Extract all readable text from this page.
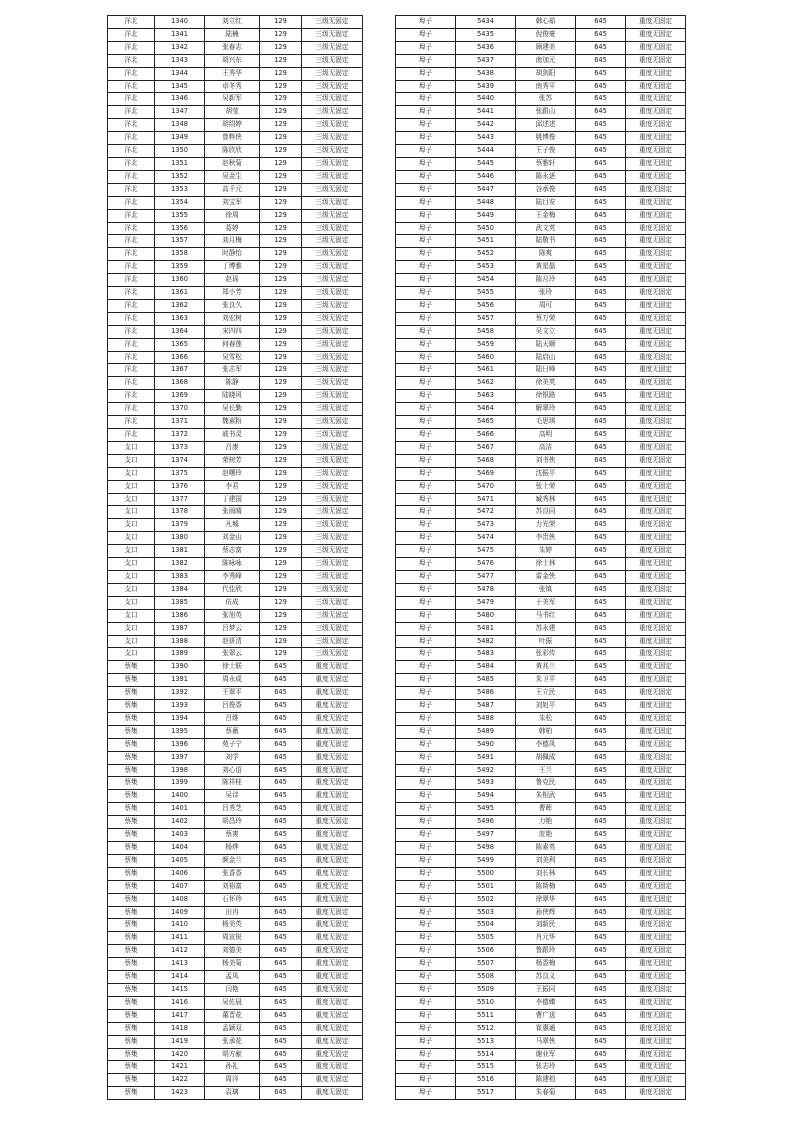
洋北	1340	刘立红	129	三级无固定
洋北	1341	陆楠	129	三级无固定
洋北	1342	张春志	129	三级无固定
洋北	1343	胡兴东	129	三级无固定
洋北	1344	王秀华	129	三级无固定
洋北	1345	卓冬秀	129	三级无固定
洋北	1346	吴新军	129	三级无固定
洋北	1347	胡莹	129	三级无固定
洋北	1348	胡绍婷	129	三级无固定
洋北	1349	曾粹侠	129	三级无固定
洋北	1350	陈欣欣	129	三级无固定
洋北	1351	赵秋菊	129	三级无固定
洋北	1352	吴金生	129	三级无固定
洋北	1353	高千元	129	三级无固定
洋北	1354	刘宝军	129	三级无固定
洋北	1355	徐周	129	三级无固定
洋北	1356	葛婷	129	三级无固定
洋北	1357	刘月梅	129	三级无固定
洋北	1358	时静怡	129	三级无固定
洋北	1359	丁博雅	129	三级无固定
洋北	1360	赵瑶	129	三级无固定
洋北	1361	郑小芳	129	三级无固定
洋北	1362	张良久	129	三级无固定
洋北	1363	刘宏树	129	三级无固定
洋北	1364	宋四四	129	三级无固定
洋北	1365	何春莲	129	三级无固定
洋北	1366	吴雪松	129	三级无固定
洋北	1367	张志军	129	三级无固定
洋北	1368	陈静	129	三级无固定
洋北	1369	陆晓风	129	三级无固定
洋北	1370	吴长勤	129	三级无固定
洋北	1371	魏素粉	129	三级无固定
洋北	1372	戚书灵	129	三级无固定
支口	1373	吕康	129	三级无固定
支口	1374	荣树芳	129	三级无固定
支口	1375	赵曙玲	129	三级无固定
支口	1376	李君	129	三级无固定
支口	1377	丁建国	129	三级无固定
支口	1378	张雨晴	129	三级无固定
支口	1379	凡城	129	三级无固定
支口	1380	刘金山	129	三级无固定
支口	1381	蔡志富	129	三级无固定
支口	1382	陈咏咏	129	三级无固定
支口	1383	李秀峰	129	三级无固定
支口	1384	代佳欣	129	三级无固定
支口	1385	伍成	129	三级无固定
支口	1386	张旭英	129	三级无固定
支口	1387	吕梦云	129	三级无固定
支口	1388	赵妍清	129	三级无固定
支口	1389	张翠云	129	三级无固定
蔡集	1390	徐士联	645	重度无固定
蔡集	1391	周永成	645	重度无固定
蔡集	1392	王翠平	645	重度无固定
蔡集	1393	吕俊香	645	重度无固定
蔡集	1394	吕维	645	重度无固定
蔡集	1395	蔡薇	645	重度无固定
蔡集	1396	苑子宁	645	重度无固定
蔡集	1397	刘学	645	重度无固定
蔡集	1398	刘心语	645	重度无固定
蔡集	1399	陈祥桂	645	重度无固定
蔡集	1400	吴诗	645	重度无固定
蔡集	1401	吕秀芝	645	重度无固定
蔡集	1402	胡昌玲	645	重度无固定
蔡集	1403	蔡爽	645	重度无固定
蔡集	1404	杨烨	645	重度无固定
蔡集	1405	颜金兰	645	重度无固定
蔡集	1406	张香香	645	重度无固定
蔡集	1407	刘裕富	645	重度无固定
蔡集	1408	石怀珍	645	重度无固定
蔡集	1409	田冉	645	重度无固定
蔡集	1410	杨美英	645	重度无固定
蔡集	1411	周宣锐	645	重度无固定
蔡集	1412	刘德美	645	重度无固定
蔡集	1413	杨美菊	645	重度无固定
蔡集	1414	孟凤	645	重度无固定
蔡集	1415	闫艳	645	重度无固定
蔡集	1416	吴佐晨	645	重度无固定
蔡集	1417	董晋花	645	重度无固定
蔡集	1418	孟颖双	645	重度无固定
蔡集	1419	张承花	645	重度无固定
蔡集	1420	胡方献	645	重度无固定
蔡集	1421	孙礼	645	重度无固定
蔡集	1422	周洋	645	重度无固定
蔡集	1423	袁璃	645	重度无固定
埠子	5434	韩心茹	645	重度无固定
埠子	5435	倪俊豪	645	重度无固定
埠子	5436	顾建美	645	重度无固定
埠子	5437	南加元	645	重度无固定
埠子	5438	胡剑阳	645	重度无固定
埠子	5439	南秀平	645	重度无固定
埠子	5440	张苏	645	重度无固定
埠子	5441	张跟山	645	重度无固定
埠子	5442	邱述述	645	重度无固定
埠子	5443	姚博俊	645	重度无固定
埠子	5444	王子俊	645	重度无固定
埠子	5445	蔡雅轩	645	重度无固定
埠子	5446	陈永逐	645	重度无固定
埠子	5447	谷承俊	645	重度无固定
埠子	5448	陆目安	645	重度无固定
埠子	5449	王金梅	645	重度无固定
埠子	5450	武文英	645	重度无固定
埠子	5451	陆敬书	645	重度无固定
埠子	5452	陈爽	645	重度无固定
埠子	5453	黄星磊	645	重度无固定
埠子	5454	陈月玲	645	重度无固定
埠子	5455	张玲	645	重度无固定
埠子	5456	周可	645	重度无固定
埠子	5457	蔡万荣	645	重度无固定
埠子	5458	吴文立	645	重度无固定
埠子	5459	陆天顺	645	重度无固定
埠子	5460	陆启山	645	重度无固定
埠子	5461	陆日峰	645	重度无固定
埠子	5462	徐美英	645	重度无固定
埠子	5463	徐银路	645	重度无固定
埠子	5464	解翠玲	645	重度无固定
埠子	5465	毛思琪	645	重度无固定
埠子	5466	高明	645	重度无固定
埠子	5467	高洁	645	重度无固定
埠子	5468	刘书侠	645	重度无固定
埠子	5469	沈振平	645	重度无固定
埠子	5470	张士荣	645	重度无固定
埠子	5471	臧秀林	645	重度无固定
埠子	5472	苏良同	645	重度无固定
埠子	5473	力光荣	645	重度无固定
埠子	5474	李贵侠	645	重度无固定
埠子	5475	朱婷	645	重度无固定
埠子	5476	徐士林	645	重度无固定
埠子	5477	雷金侠	645	重度无固定
埠子	5478	张镇	645	重度无固定
埠子	5479	于美军	645	重度无固定
埠子	5480	马书红	645	重度无固定
埠子	5481	苏永建	645	重度无固定
埠子	5482	叶振	645	重度无固定
埠子	5483	张彩传	645	重度无固定
埠子	5484	黄兆兰	645	重度无固定
埠子	5485	朱卫平	645	重度无固定
埠子	5486	王立民	645	重度无固定
埠子	5487	刘旭平	645	重度无固定
埠子	5488	朱松	645	重度无固定
埠子	5489	韩柏	645	重度无固定
埠子	5490	李德凤	645	重度无固定
埠子	5491	胡佩成	645	重度无固定
埠子	5492	王兰	645	重度无固定
埠子	5493	鲁克民	645	重度无固定
埠子	5494	朱相武	645	重度无固定
埠子	5495	曹晖	645	重度无固定
埠子	5496	力艳	645	重度无固定
埠子	5497	庞艳	645	重度无固定
埠子	5498	陈素英	645	重度无固定
埠子	5499	刘美利	645	重度无固定
埠子	5500	刘长林	645	重度无固定
埠子	5501	陈斯梅	645	重度无固定
埠子	5502	徐翠华	645	重度无固定
埠子	5503	孙侠辉	645	重度无固定
埠子	5504	刘新民	645	重度无固定
埠子	5505	肖元华	645	重度无固定
埠子	5506	鲁跟玲	645	重度无固定
埠子	5507	杨香梅	645	重度无固定
埠子	5508	苏良义	645	重度无固定
埠子	5509	王振同	645	重度无固定
埠子	5510	李德臻	645	重度无固定
埠子	5511	曹广送	645	重度无固定
埠子	5512	崔惠通	645	重度无固定
埠子	5513	马翠侠	645	重度无固定
埠子	5514	谢业军	645	重度无固定
埠子	5515	张志玲	645	重度无固定
埠子	5516	陈建柏	645	重度无固定
埠子	5517	朱春菊	645	重度无固定
